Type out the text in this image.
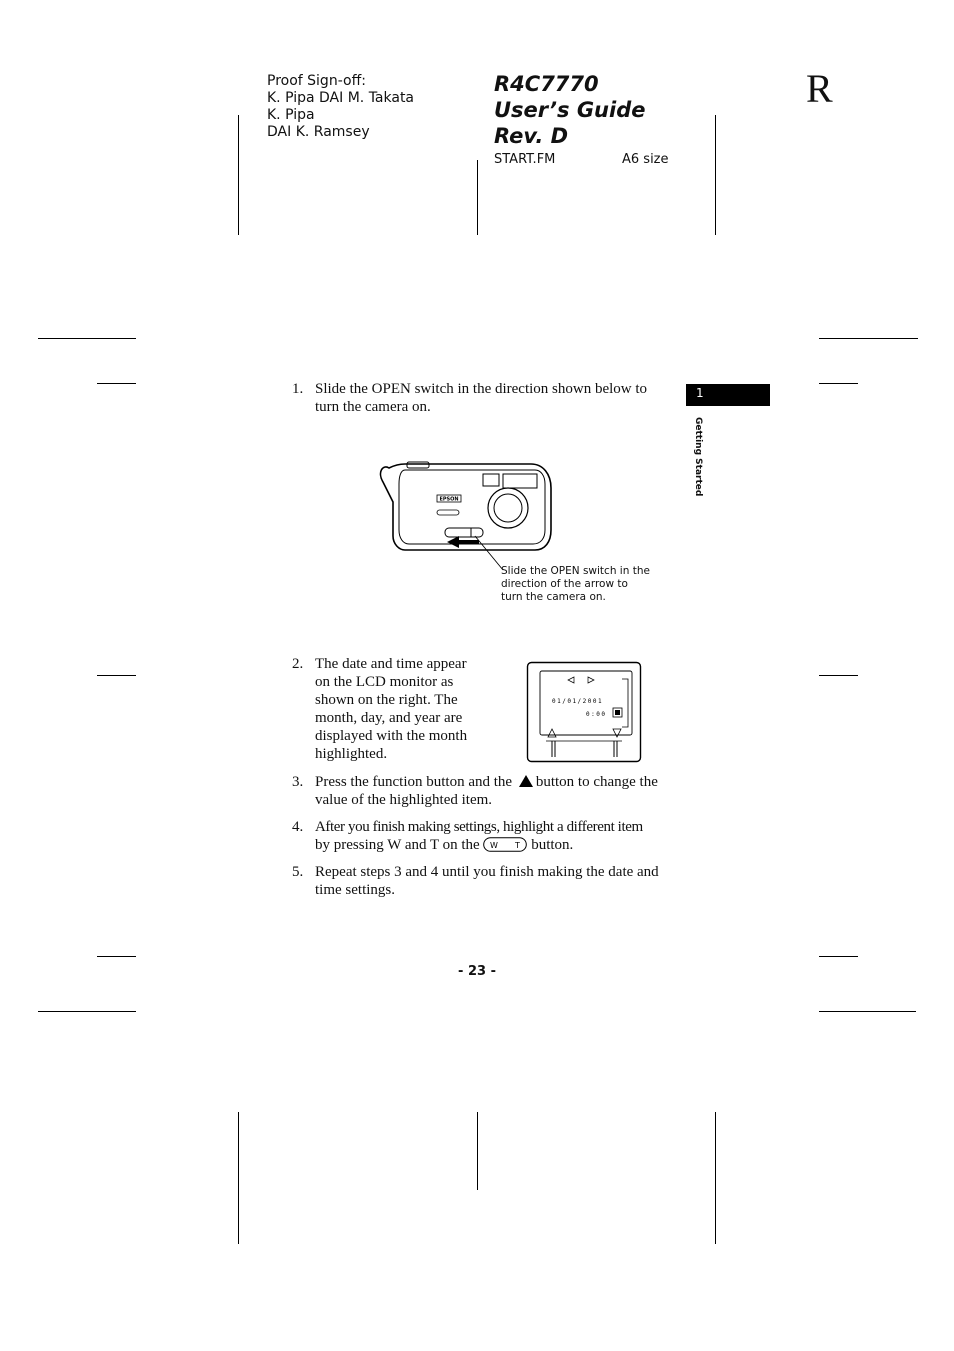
Proof Sign-off:
K. Pipa DAI M. Takata
K. Pipa
DAI K. Ramsey
R4C7770
User’s Guide
Rev. D
START.FM	A6 size
R
1
Getting Started
1. Slide the OPEN switch in the direction shown below to
turn the camera on.
EPSON
Slide the OPEN switch in the
direction of the arrow to
turn the camera on.
2. The date and time appear
on the LCD monitor as
shown on the right. The
month, day, and year are
displayed with the month
highlighted.
01/01/2001
0:00
3. Press the function button and the button to change the
value of the highlighted item.
4. After you finish making settings, highlight a different item
by pressing W and T on the W T button.
5. Repeat steps 3 and 4 until you finish making the date and
time settings.
- 23 -
